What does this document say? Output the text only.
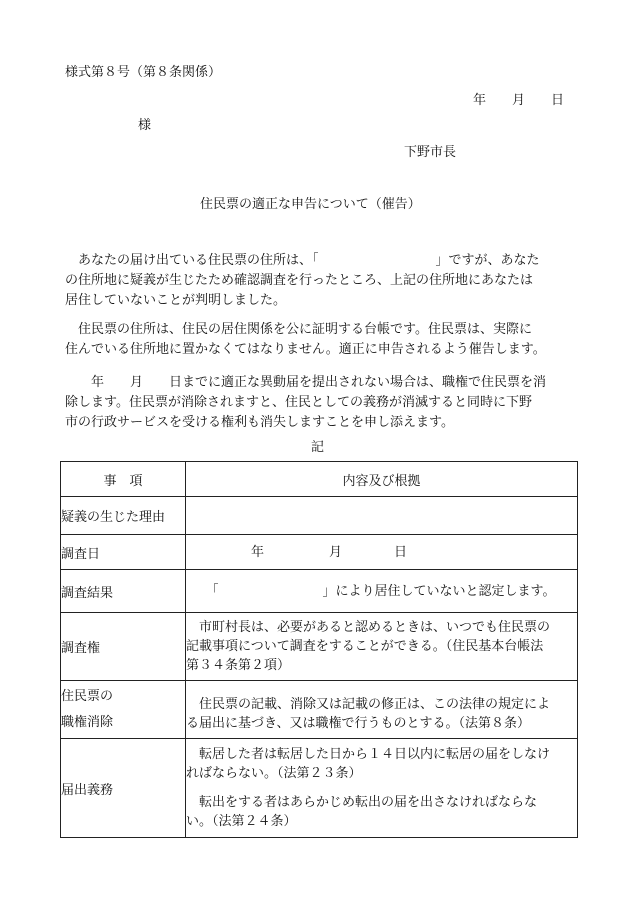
様式第８号（第８条関係）
年　　月　　日
様
下野市長
住民票の適正な申告について（催告）
　あなたの届け出ている住民票の住所は、「　　　　　　　　　」ですが、あなた
の住所地に疑義が生じたため確認調査を行ったところ、上記の住所地にあなたは
居住していないことが判明しました。
　住民票の住所は、住民の居住関係を公に証明する台帳です。住民票は、実際に
住んでいる住所地に置かなくてはなりません。適正に申告されるよう催告します。
　　年　　月　　日までに適正な異動届を提出されない場合は、職権で住民票を消
除します。住民票が消除されますと、住民としての義務が消滅すると同時に下野
市の行政サービスを受ける権利も消失しますことを申し添えます。
記
事　項	内容及び根拠
疑義の生じた理由	
調査日	　　　　　年　　　　　月　　　　日
調査結果	　　「　　　　　　　　」により居住していないと認定します。
調査権	　市町村長は、必要があると認めるときは、いつでも住民票の
記載事項について調査をすることができる。（住民基本台帳法
第３４条第２項）

住民票の
職権消除	　住民票の記載、消除又は記載の修正は、この法律の規定によ
る届出に基づき、又は職権で行うものとする。（法第８条）

届出義務	　転居した者は転居した日から１４日以内に転居の届をしなけ
ればならない。（法第２３条）
　転出をする者はあらかじめ転出の届を出さなければならな
い。（法第２４条）
